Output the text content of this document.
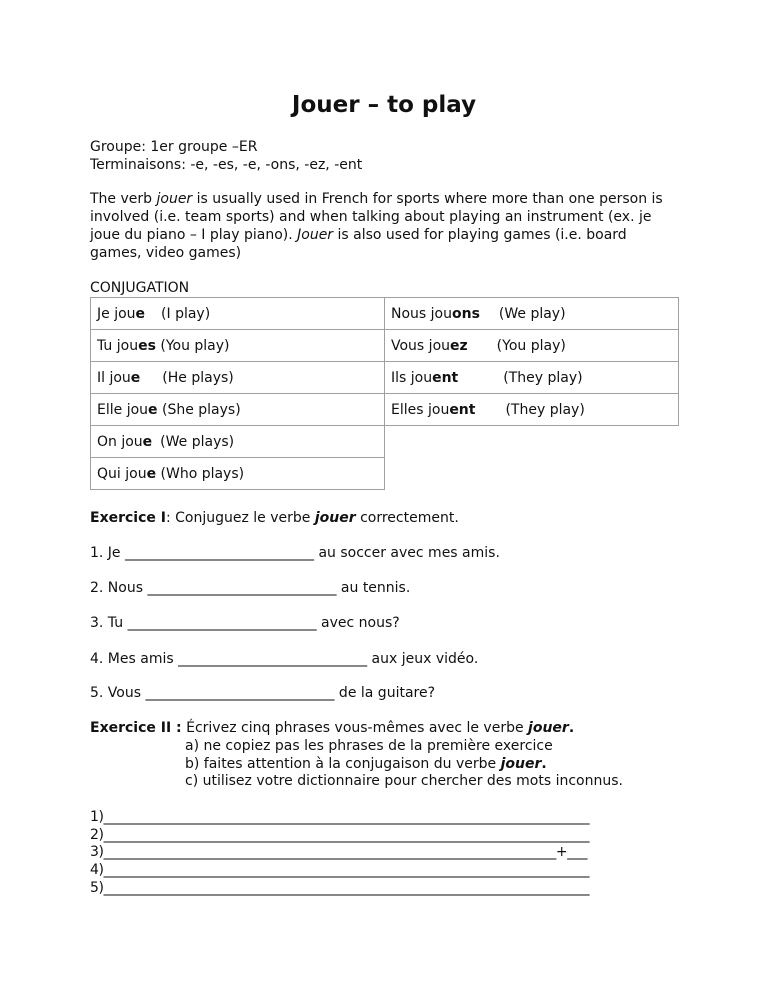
Jouer – to play
Groupe: 1er groupe –ER
Terminaisons: -e, -es, -e, -ons, -ez, -ent
The verb jouer is usually used in French for sports where more than one person is involved (i.e. team sports) and when talking about playing an instrument (ex. je joue du piano – I play piano). Jouer is also used for playing games (i.e. board games, video games)
CONJUGATION
Je joue (I play)	Nous jouons (We play)
Tu joues (You play)	Vous jouez (You play)
Il joue (He plays)	Ils jouent (They play)
Elle joue (She plays)	Elles jouent (They play)
On joue (We plays)	
Qui joue (Who plays)	
Exercice I: Conjuguez le verbe jouer correctement.
1. Je ___________________________ au soccer avec mes amis.
2. Nous ___________________________ au tennis.
3. Tu ___________________________ avec nous?
4. Mes amis ___________________________ aux jeux vidéo.
5. Vous ___________________________ de la guitare?
Exercice II : Écrivez cinq phrases vous-mêmes avec le verbe jouer.
a) ne copiez pas les phrases de la première exercice
b) faites attention à la conjugaison du verbe jouer.
c) utilisez votre dictionnaire pour chercher des mots inconnus.
1)_________________________________________________________________________
2)_________________________________________________________________________
3)____________________________________________________________________+___
4)_________________________________________________________________________
5)_________________________________________________________________________
